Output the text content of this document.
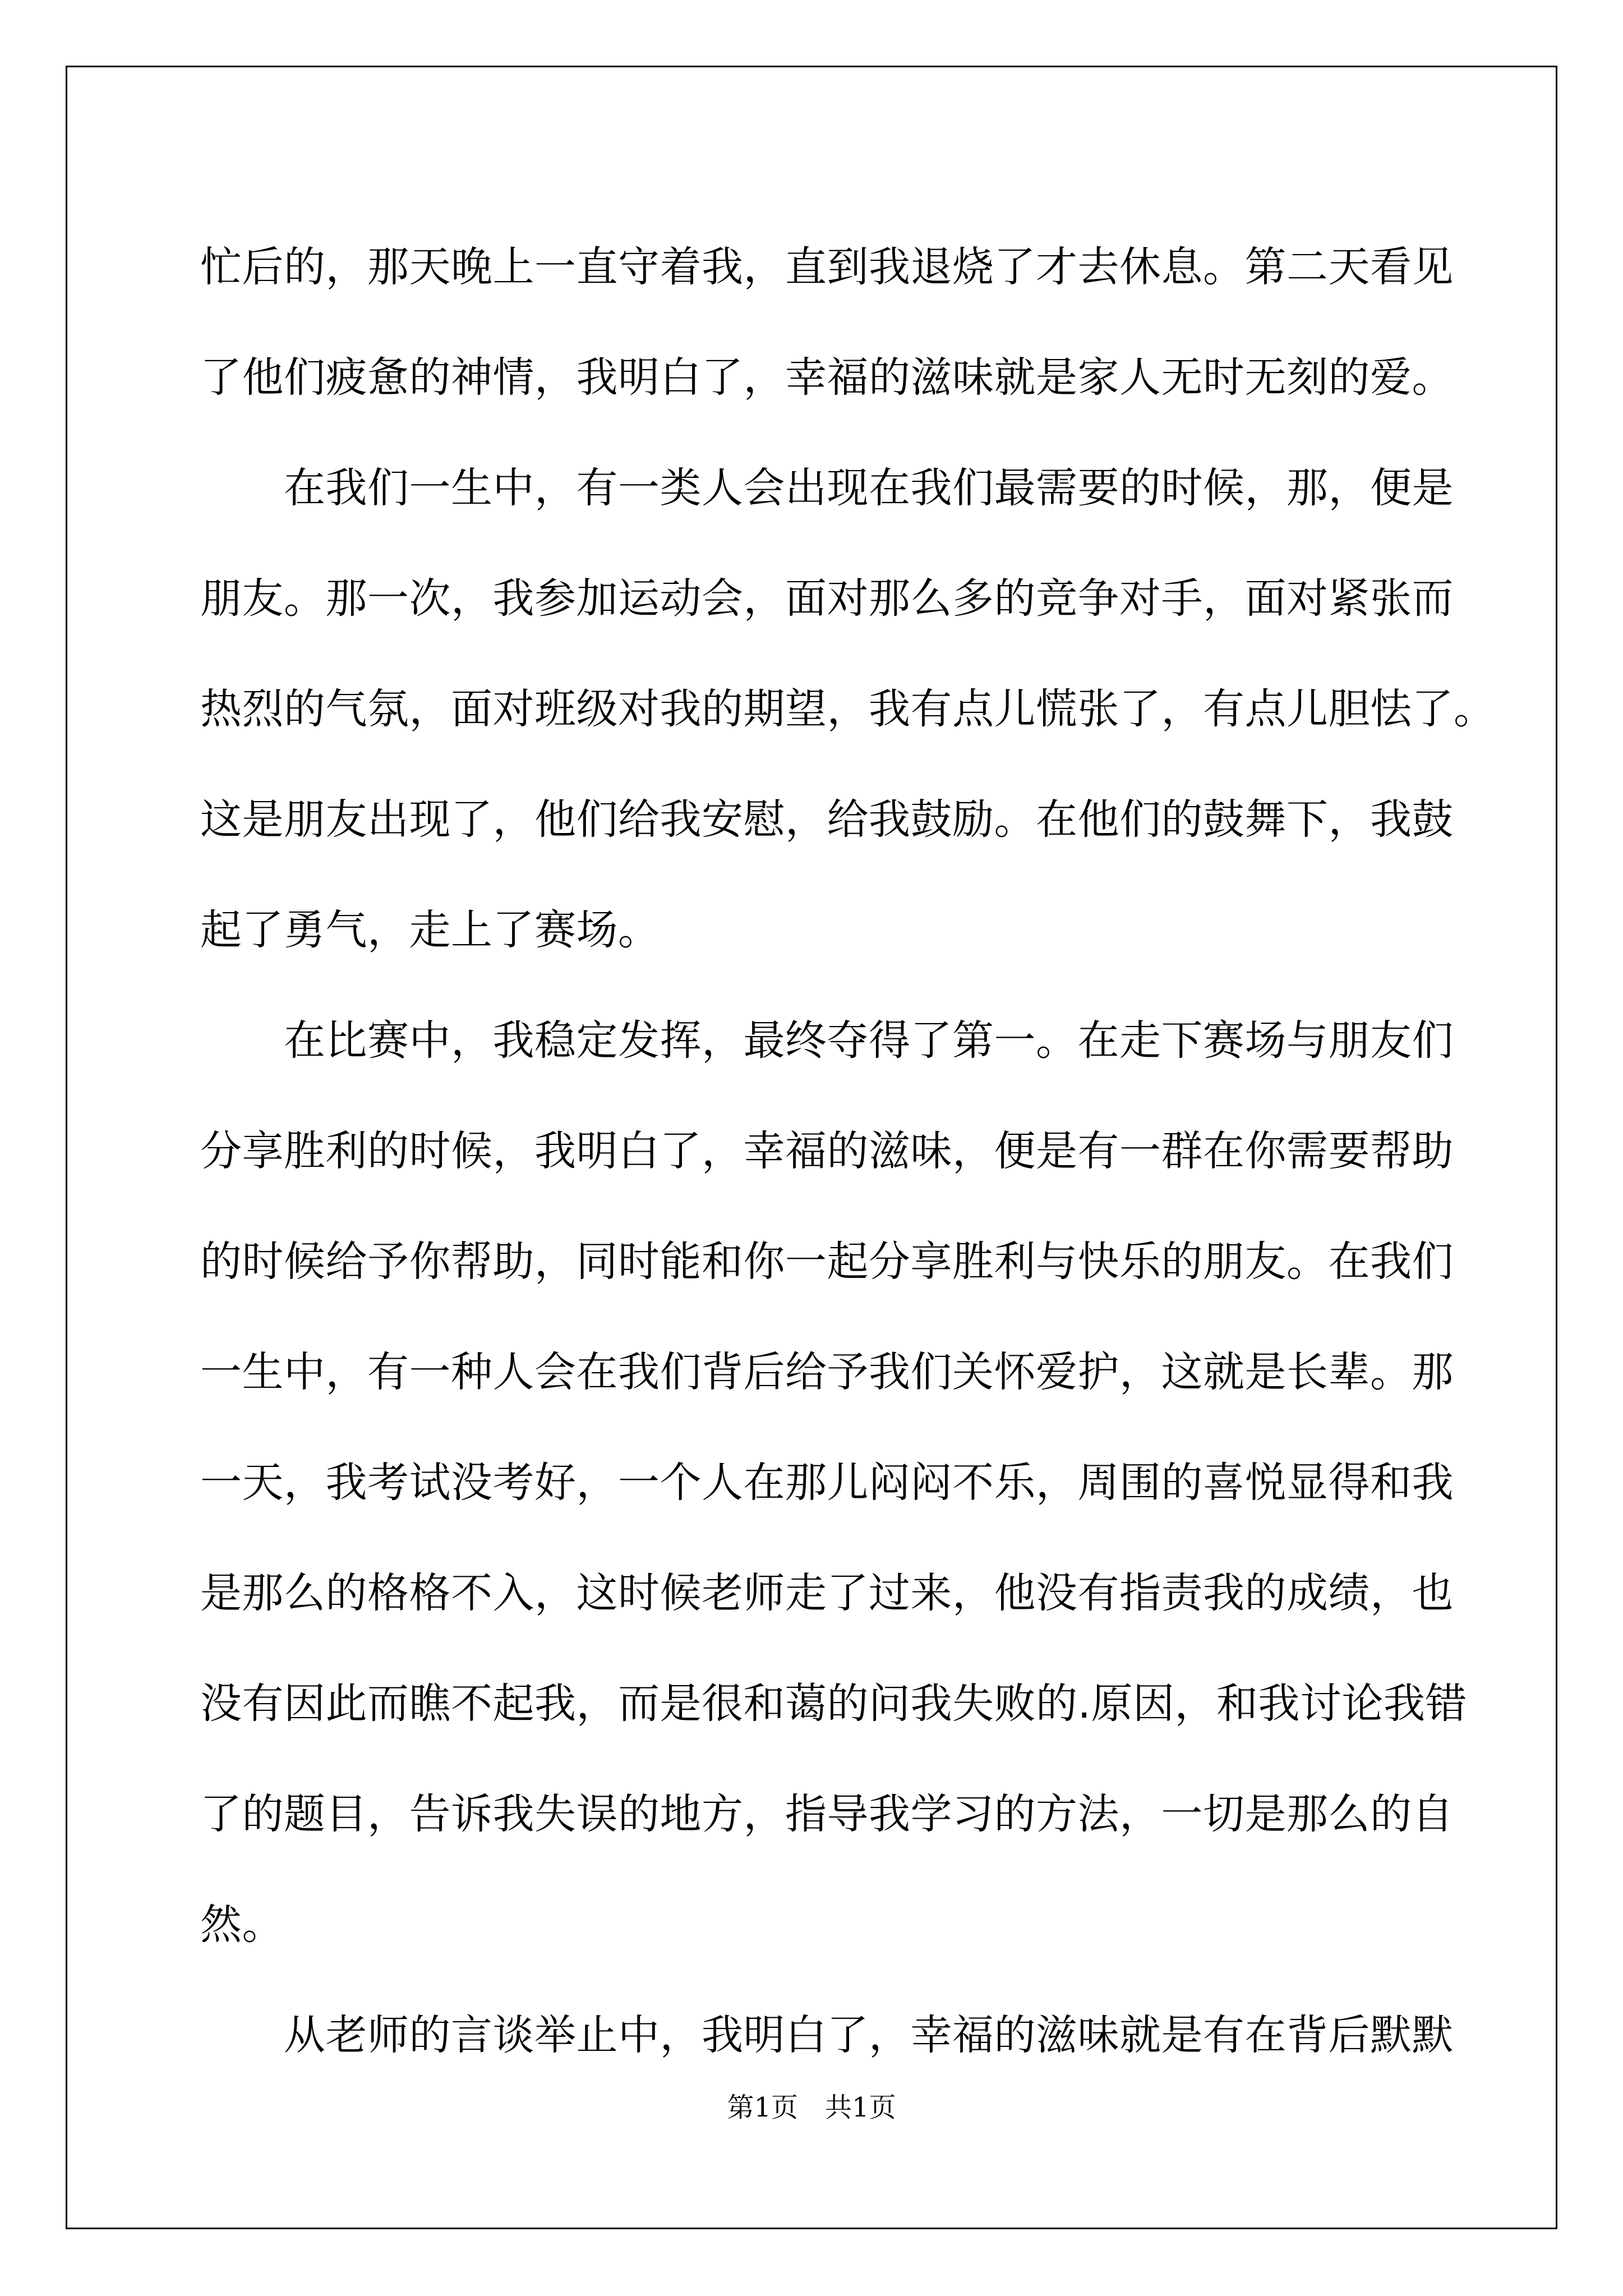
忙后的，那天晚上一直守着我，直到我退烧了才去休息。第二天看见
了他们疲惫的神情，我明白了，幸福的滋味就是家人无时无刻的爱。
　　在我们一生中，有一类人会出现在我们最需要的时候，那，便是
朋友。那一次，我参加运动会，面对那么多的竞争对手，面对紧张而
热烈的气氛，面对班级对我的期望，我有点儿慌张了，有点儿胆怯了。
这是朋友出现了，他们给我安慰，给我鼓励。在他们的鼓舞下，我鼓
起了勇气，走上了赛场。
　　在比赛中，我稳定发挥，最终夺得了第一。在走下赛场与朋友们
分享胜利的时候，我明白了，幸福的滋味，便是有一群在你需要帮助
的时候给予你帮助，同时能和你一起分享胜利与快乐的朋友。在我们
一生中，有一种人会在我们背后给予我们关怀爱护，这就是长辈。那
一天，我考试没考好，一个人在那儿闷闷不乐，周围的喜悦显得和我
是那么的格格不入，这时候老师走了过来，他没有指责我的成绩，也
没有因此而瞧不起我，而是很和蔼的问我失败的.原因，和我讨论我错
了的题目，告诉我失误的地方，指导我学习的方法，一切是那么的自
然。
　　从老师的言谈举止中，我明白了，幸福的滋味就是有在背后默默
第1页　共1页
